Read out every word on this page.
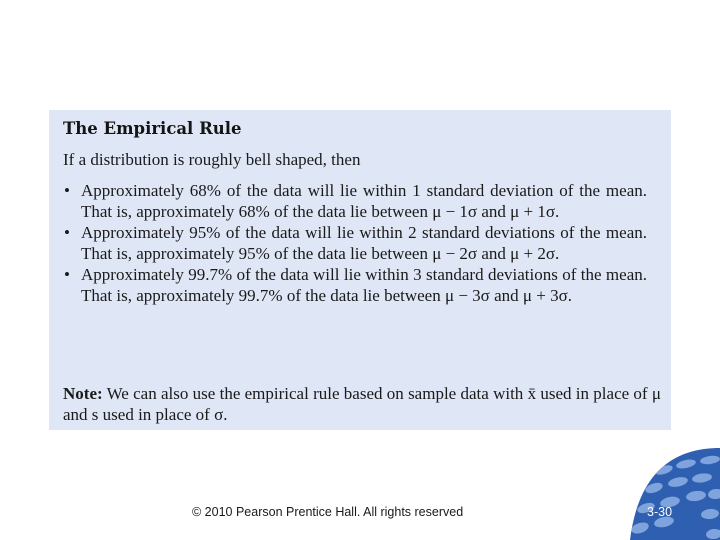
The Empirical Rule

If a distribution is roughly bell shaped, then

• Approximately 68% of the data will lie within 1 standard deviation of the mean. That is, approximately 68% of the data lie between μ − 1σ and μ + 1σ.
• Approximately 95% of the data will lie within 2 standard deviations of the mean. That is, approximately 95% of the data lie between μ − 2σ and μ + 2σ.
• Approximately 99.7% of the data will lie within 3 standard deviations of the mean. That is, approximately 99.7% of the data lie between μ − 3σ and μ + 3σ.

Note: We can also use the empirical rule based on sample data with x̄ used in place of μ and s used in place of σ.

© 2010 Pearson Prentice Hall. All rights reserved	3-30
